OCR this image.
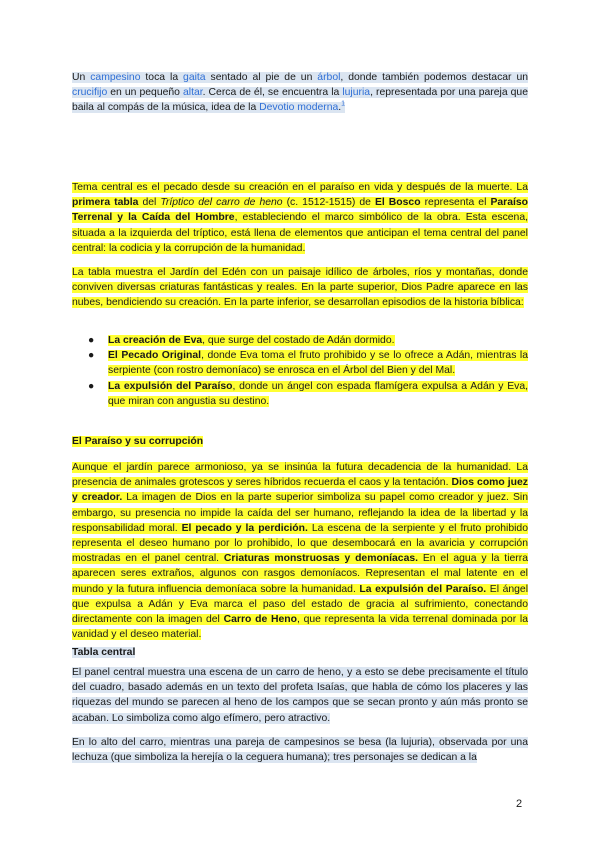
Un campesino toca la gaita sentado al pie de un árbol, donde también podemos destacar un crucifijo en un pequeño altar. Cerca de él, se encuentra la lujuria, representada por una pareja que baila al compás de la música, idea de la Devotio moderna.$^1$
Tema central es el pecado desde su creación en el paraíso en vida y después de la muerte. La primera tabla del Tríptico del carro de heno (c. 1512-1515) de El Bosco representa el Paraíso Terrenal y la Caída del Hombre, estableciendo el marco simbólico de la obra. Esta escena, situada a la izquierda del tríptico, está llena de elementos que anticipan el tema central del panel central: la codicia y la corrupción de la humanidad.
La tabla muestra el Jardín del Edén con un paisaje idílico de árboles, ríos y montañas, donde conviven diversas criaturas fantásticas y reales. En la parte superior, Dios Padre aparece en las nubes, bendiciendo su creación. En la parte inferior, se desarrollan episodios de la historia bíblica:
● La creación de Eva, que surge del costado de Adán dormido.
● El Pecado Original, donde Eva toma el fruto prohibido y se lo ofrece a Adán, mientras la serpiente (con rostro demoníaco) se enrosca en el Árbol del Bien y del Mal.
● La expulsión del Paraíso, donde un ángel con espada flamígera expulsa a Adán y Eva, que miran con angustia su destino.
El Paraíso y su corrupción
Aunque el jardín parece armonioso, ya se insinúa la futura decadencia de la humanidad. La presencia de animales grotescos y seres híbridos recuerda el caos y la tentación. Dios como juez y creador. La imagen de Dios en la parte superior simboliza su papel como creador y juez. Sin embargo, su presencia no impide la caída del ser humano, reflejando la idea de la libertad y la responsabilidad moral. El pecado y la perdición. La escena de la serpiente y el fruto prohibido representa el deseo humano por lo prohibido, lo que desembocará en la avaricia y corrupción mostradas en el panel central. Criaturas monstruosas y demoníacas. En el agua y la tierra aparecen seres extraños, algunos con rasgos demoníacos. Representan el mal latente en el mundo y la futura influencia demoníaca sobre la humanidad. La expulsión del Paraíso. El ángel que expulsa a Adán y Eva marca el paso del estado de gracia al sufrimiento, conectando directamente con la imagen del Carro de Heno, que representa la vida terrenal dominada por la vanidad y el deseo material.
Tabla central
El panel central muestra una escena de un carro de heno, y a esto se debe precisamente el título del cuadro, basado además en un texto del profeta Isaías, que habla de cómo los placeres y las riquezas del mundo se parecen al heno de los campos que se secan pronto y aún más pronto se acaban. Lo simboliza como algo efímero, pero atractivo.
En lo alto del carro, mientras una pareja de campesinos se besa (la lujuria), observada por una lechuza (que simboliza la herejía o la ceguera humana); tres personajes se dedican a la
2
